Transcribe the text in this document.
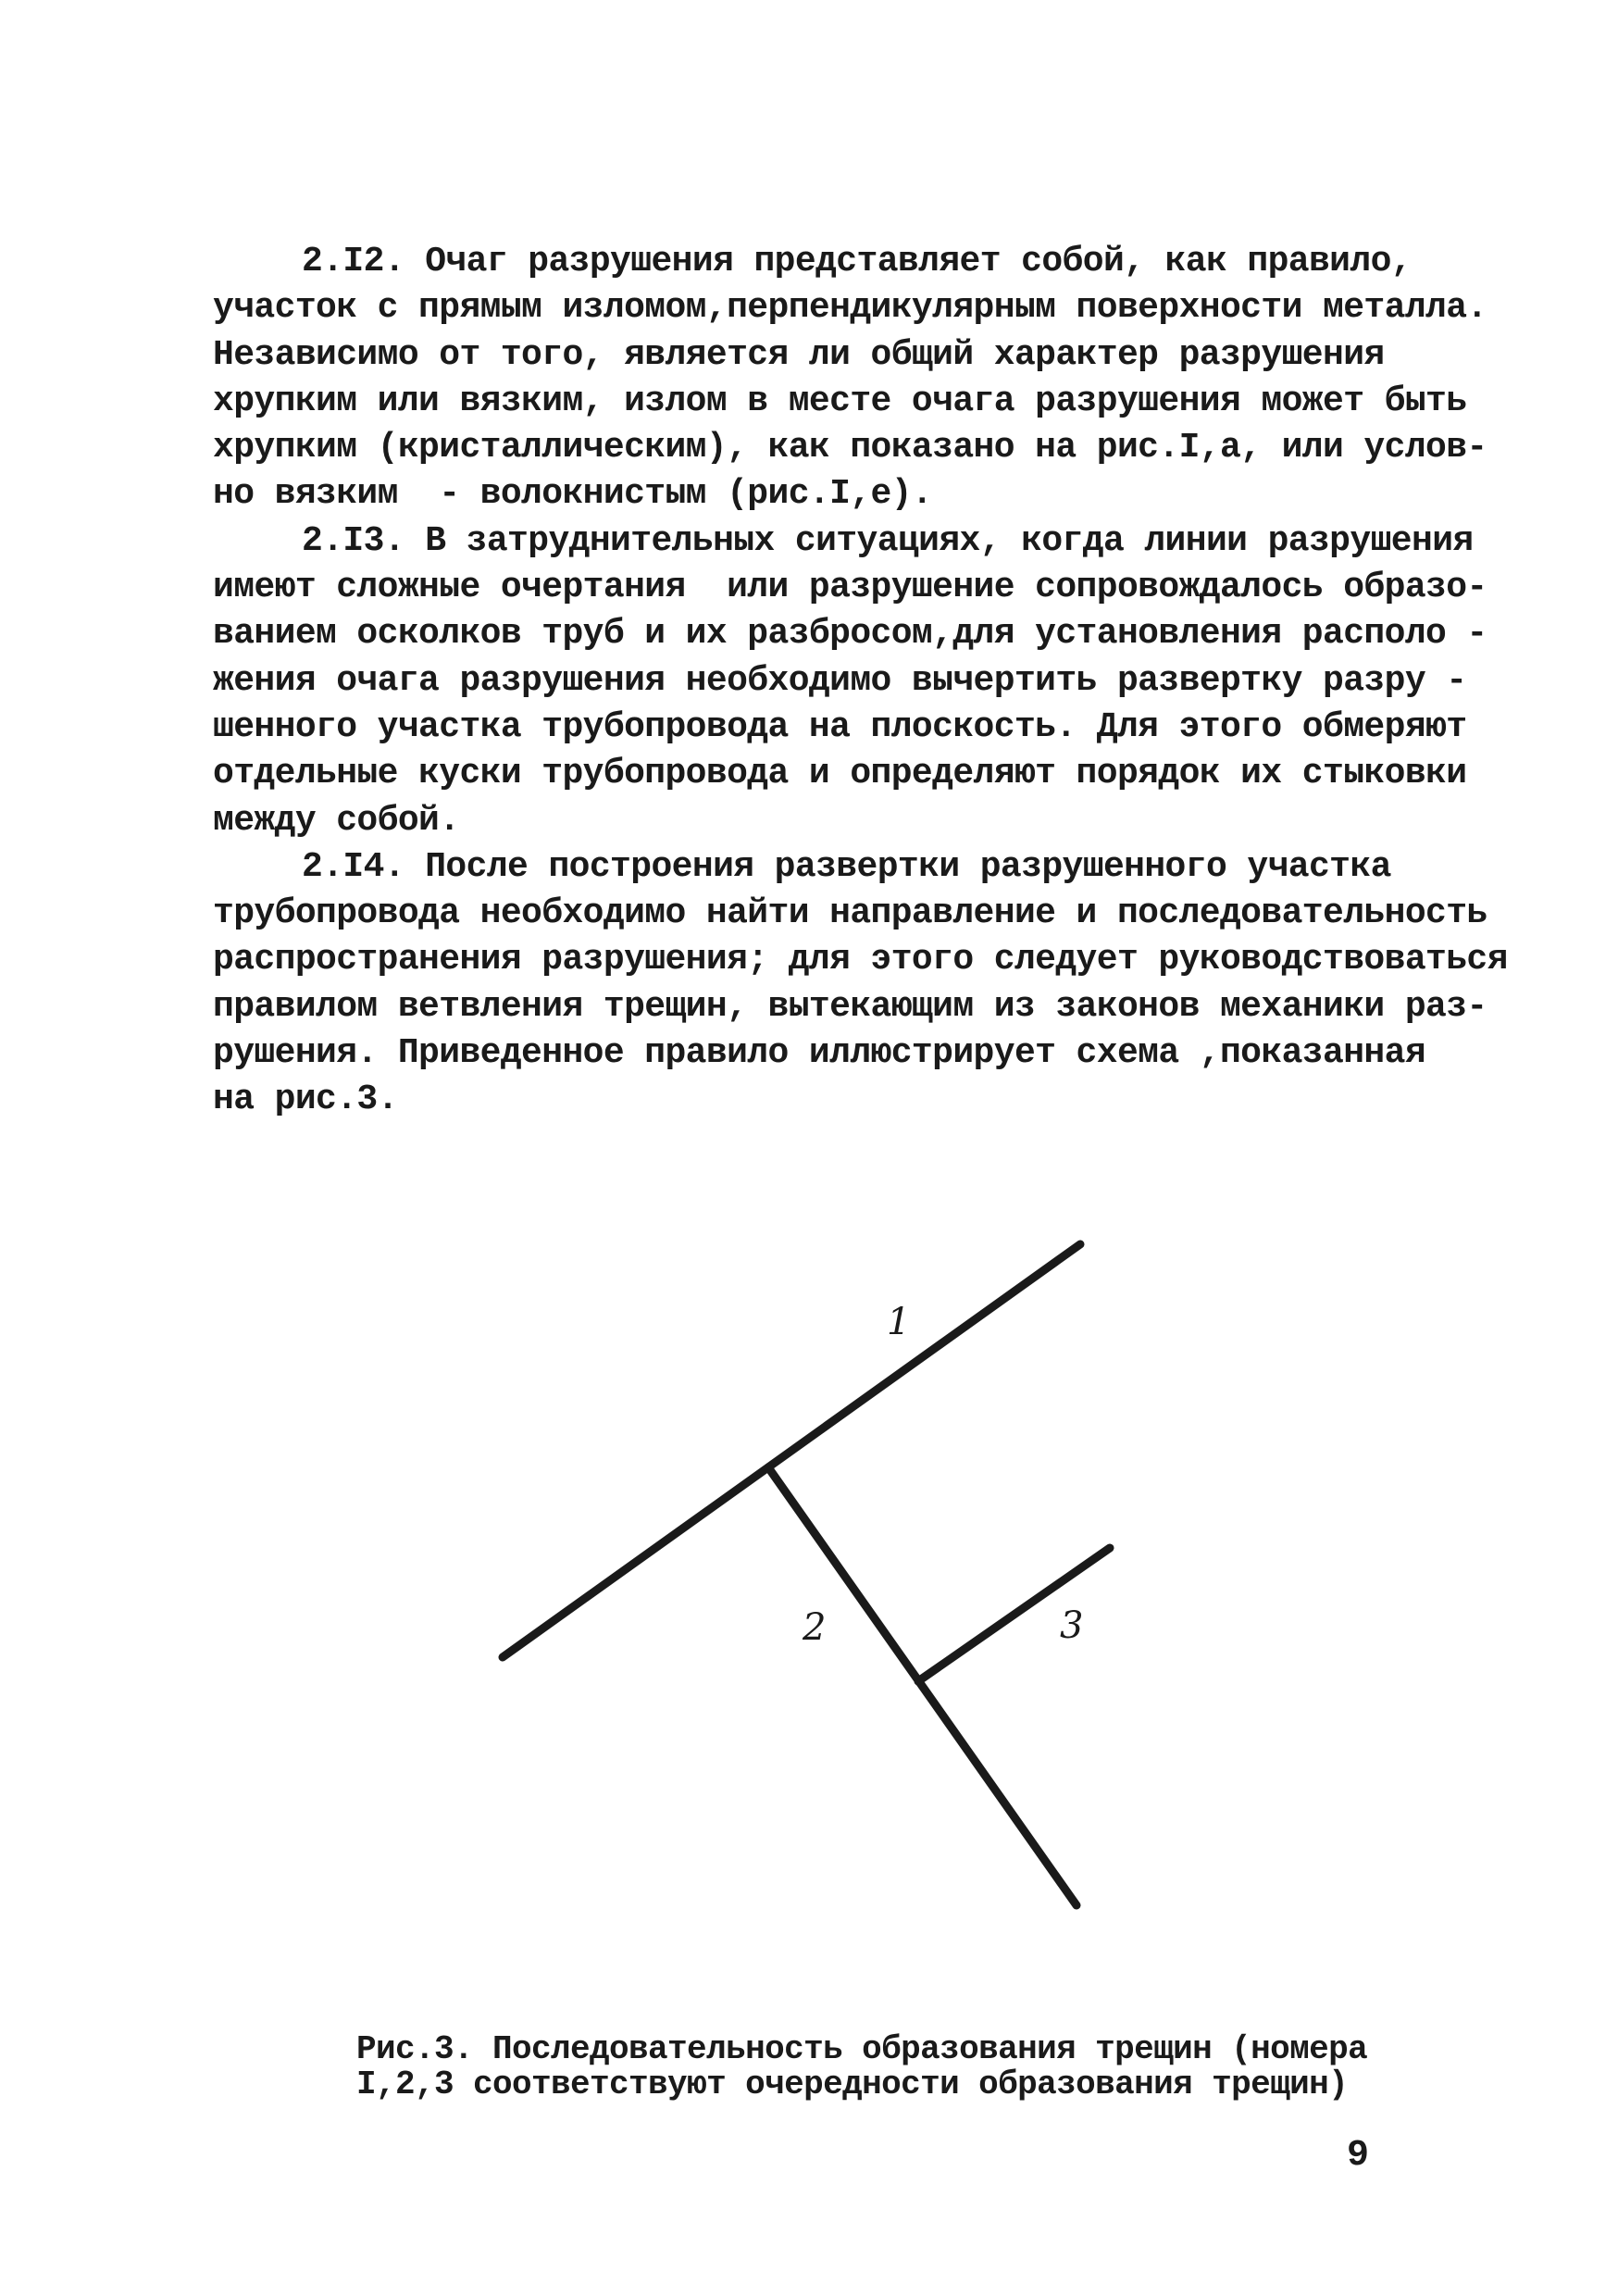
2.I2. Очаг разрушения представляет собой, как правило,
участок с прямым изломом,перпендикулярным поверхности металла.
Независимо от того, является ли общий характер разрушения
хрупким или вязким, излом в месте очага разрушения может быть
хрупким (кристаллическим), как показано на рис.I,а, или услов-
но вязким  - волокнистым (рис.I,е).
2.I3. В затруднительных ситуациях, когда линии разрушения
имеют сложные очертания  или разрушение сопровождалось образо-
ванием осколков труб и их разбросом,для установления располо -
жения очага разрушения необходимо вычертить развертку разру -
шенного участка трубопровода на плоскость. Для этого обмеряют
отдельные куски трубопровода и определяют порядок их стыковки
между собой.
2.I4. После построения развертки разрушенного участка
трубопровода необходимо найти направление и последовательность
распространения разрушения; для этого следует руководствоваться
правилом ветвления трещин, вытекающим из законов механики раз-
рушения. Приведенное правило иллюстрирует схема ,показанная
на рис.3.
1
2	3
Рис.3. Последовательность образования трещин (номера
I,2,3 соответствуют очередности образования трещин)
9
